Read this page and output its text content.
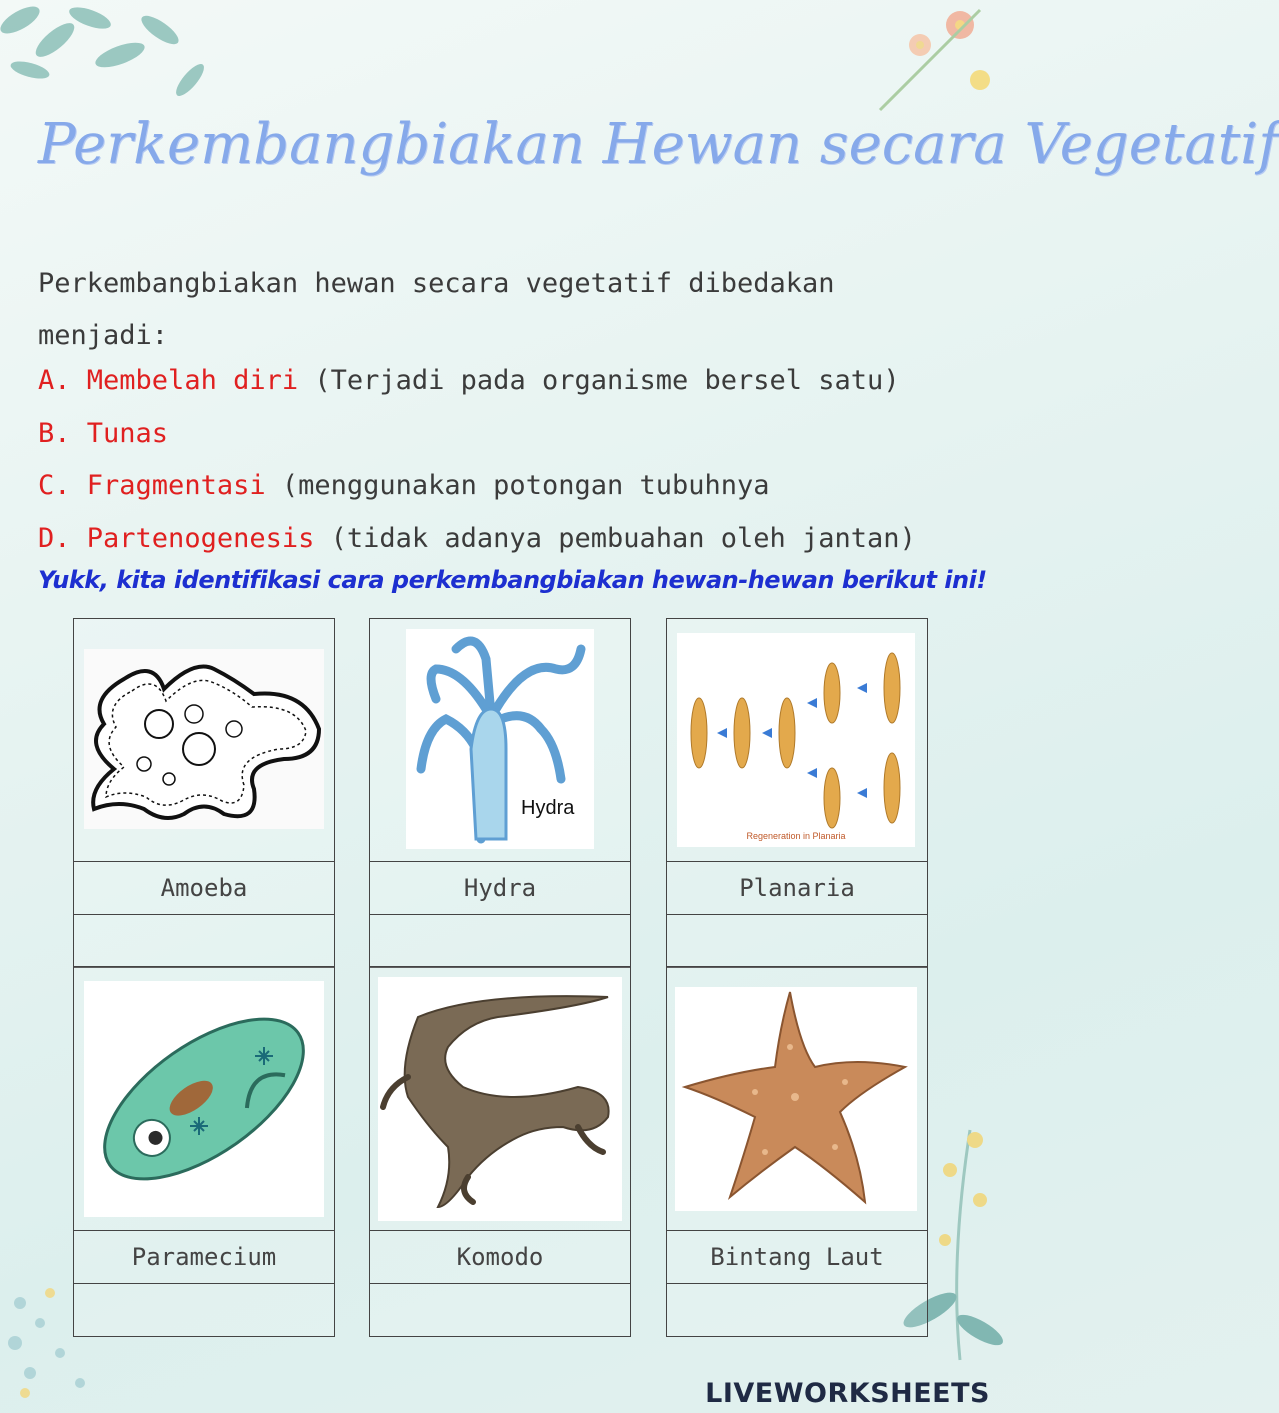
Perkembangbiakan Hewan secara Vegetatif
Perkembangbiakan hewan secara vegetatif dibedakan
menjadi:
A. Membelah diri (Terjadi pada organisme bersel satu)
B. Tunas
C. Fragmentasi (menggunakan potongan tubuhnya
D. Partenogenesis (tidak adanya pembuahan oleh jantan)
Yukk, kita identifikasi cara perkembangbiakan hewan-hewan berikut ini!
Amoeba
Hydra
Hydra
Regeneration in Planaria
Planaria
Paramecium	Komodo	Bintang Laut
LIVEWORKSHEETS
